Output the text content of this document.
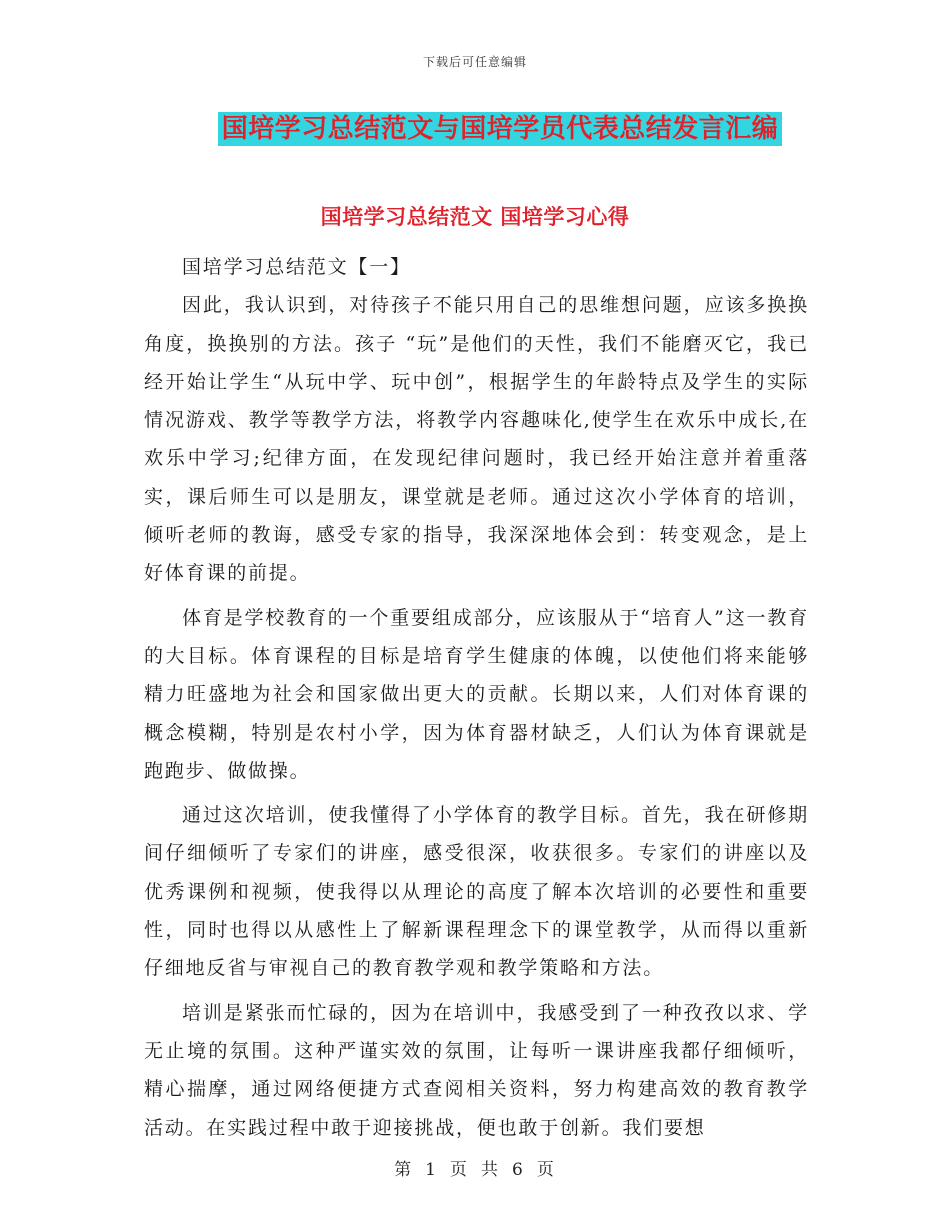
下载后可任意编辑
国培学习总结范文与国培学员代表总结发言汇编
国培学习总结范文 国培学习心得

国培学习总结范文【一】

因此，我认识到，对待孩子不能只用自己的思维想问题，应该多换换角度，换换别的方法。孩子 “玩”是他们的天性，我们不能磨灭它，我已经开始让学生“从玩中学、玩中创”，根据学生的年龄特点及学生的实际情况游戏、教学等教学方法，将教学内容趣味化,使学生在欢乐中成长,在欢乐中学习;纪律方面，在发现纪律问题时，我已经开始注意并着重落实，课后师生可以是朋友，课堂就是老师。通过这次小学体育的培训，倾听老师的教诲，感受专家的指导，我深深地体会到：转变观念，是上好体育课的前提。

体育是学校教育的一个重要组成部分，应该服从于“培育人”这一教育的大目标。体育课程的目标是培育学生健康的体魄，以使他们将来能够精力旺盛地为社会和国家做出更大的贡献。长期以来，人们对体育课的概念模糊，特别是农村小学，因为体育器材缺乏，人们认为体育课就是跑跑步、做做操。

通过这次培训，使我懂得了小学体育的教学目标。首先，我在研修期间仔细倾听了专家们的讲座，感受很深，收获很多。专家们的讲座以及优秀课例和视频，使我得以从理论的高度了解本次培训的必要性和重要性，同时也得以从感性上了解新课程理念下的课堂教学，从而得以重新仔细地反省与审视自己的教育教学观和教学策略和方法。

培训是紧张而忙碌的，因为在培训中，我感受到了一种孜孜以求、学无止境的氛围。这种严谨实效的氛围，让每听一课讲座我都仔细倾听，精心揣摩，通过网络便捷方式查阅相关资料，努力构建高效的教育教学活动。在实践过程中敢于迎接挑战，便也敢于创新。我们要想

第 1 页 共 6 页
